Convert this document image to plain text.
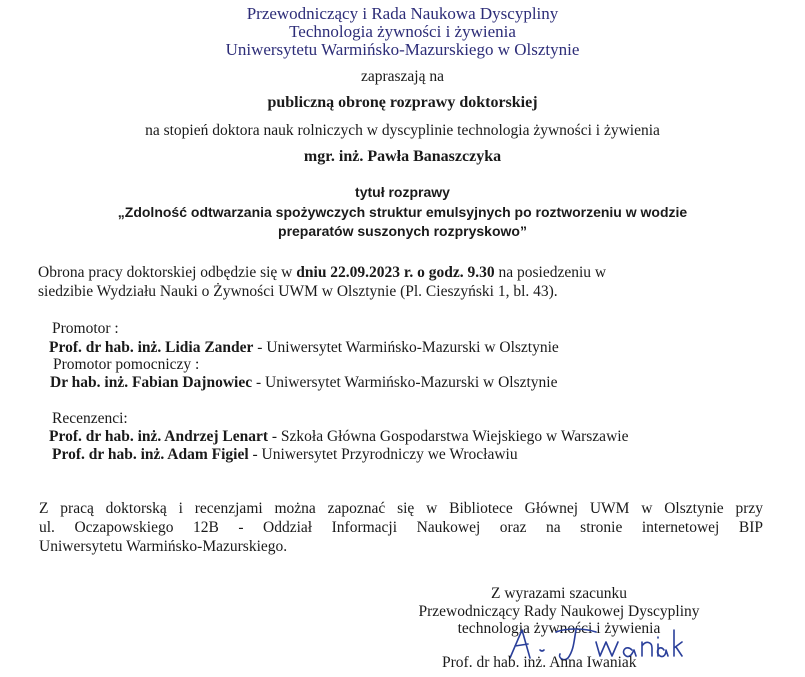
Przewodniczący i Rada Naukowa Dyscypliny
Technologia żywności i żywienia
Uniwersytetu Warmińsko-Mazurskiego w Olsztynie
zapraszają na
publiczną obronę rozprawy doktorskiej
na stopień doktora nauk rolniczych w dyscyplinie technologia żywności i żywienia
mgr. inż. Pawła Banaszczyka
tytuł rozprawy
„Zdolność odtwarzania spożywczych struktur emulsyjnych po roztworzeniu w wodzie
preparatów suszonych rozpryskowo”
Obrona pracy doktorskiej odbędzie się w dniu 22.09.2023 r. o godz. 9.30 na posiedzeniu w
siedzibie Wydziału Nauki o Żywności UWM w Olsztynie (Pl. Cieszyński 1, bl. 43).
Promotor :
Prof. dr hab. inż. Lidia Zander - Uniwersytet Warmińsko-Mazurski w Olsztynie
Promotor pomocniczy :
Dr hab. inż. Fabian Dajnowiec - Uniwersytet Warmińsko-Mazurski w Olsztynie
Recenzenci:
Prof. dr hab. inż. Andrzej Lenart - Szkoła Główna Gospodarstwa Wiejskiego w Warszawie
Prof. dr hab. inż. Adam Figiel - Uniwersytet Przyrodniczy we Wrocławiu
Z pracą doktorską i recenzjami można zapoznać się w Bibliotece Głównej UWM w Olsztynie przy
ul. Oczapowskiego 12B - Oddział Informacji Naukowej oraz na stronie internetowej BIP
Uniwersytetu Warmińsko-Mazurskiego.
Z wyrazami szacunku
Przewodniczący Rady Naukowej Dyscypliny
technologia żywności i żywienia
Prof. dr hab. inż. Anna Iwaniak
